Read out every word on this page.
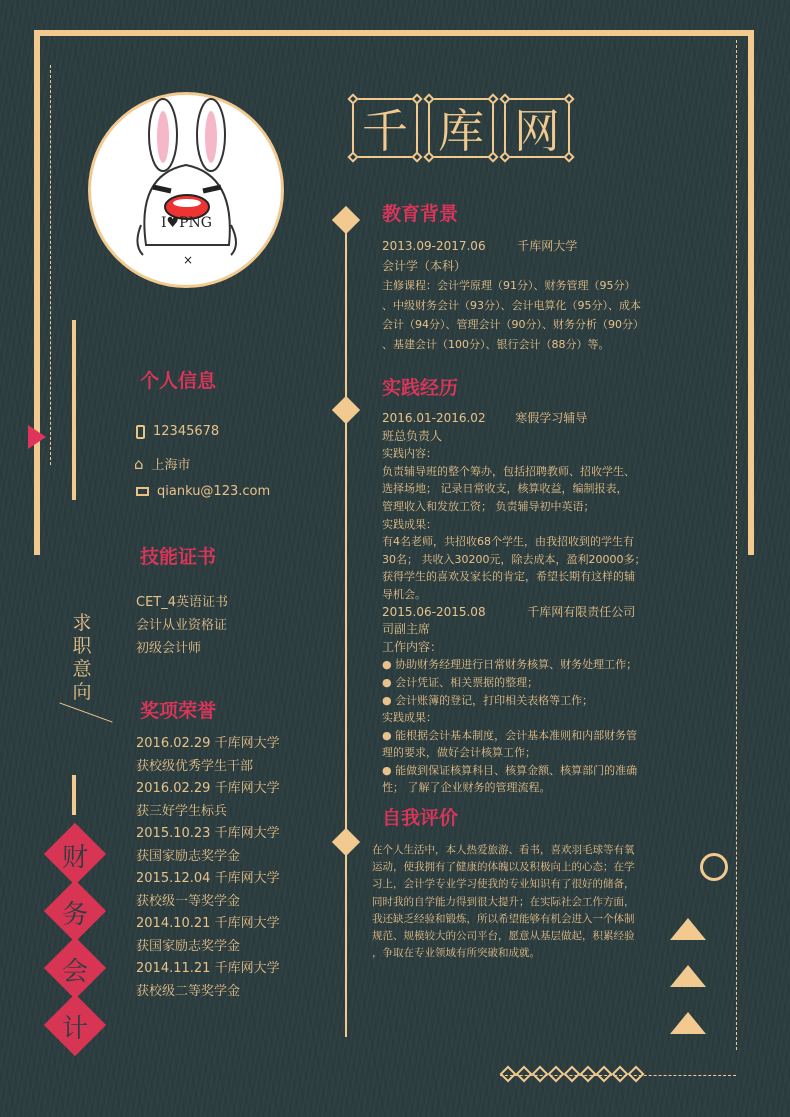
I♥PNG
×
千 库 网
个人信息
12345678
⌂ 上海市
qianku@123.com
技能证书
CET_4英语证书
会计从业资格证
初级会计师
奖项荣誉
2016.02.29 千库网大学
获校级优秀学生干部
2016.02.29 千库网大学
获三好学生标兵
2015.10.23 千库网大学
获国家励志奖学金
2015.12.04 千库网大学
获校级一等奖学金
2014.10.21 千库网大学
获国家励志奖学金
2014.11.21 千库网大学
获校级二等奖学金
求
职
意
向
财
务
会
计
教育背景
2013.09-2017.06	千库网大学
会计学（本科）
主修课程：会计学原理（91分）、财务管理（95分）
、中级财务会计（93分）、会计电算化（95分）、成本
会计（94分）、管理会计（90分）、财务分析（90分）
、基建会计（100分）、银行会计（88分）等。
实践经历
2016.01-2016.02 寒假学习辅导
班总负责人
实践内容：
负责辅导班的整个筹办，包括招聘教师、招收学生、
选择场地； 记录日常收支，核算收益，编制报表，
管理收入和发放工资； 负责辅导初中英语；
实践成果：
有4名老师，共招收68个学生，由我招收到的学生有
30名； 共收入30200元，除去成本，盈利20000多；
获得学生的喜欢及家长的肯定，希望长期有这样的辅
导机会。
2015.06-2015.08	千库网有限责任公司
司副主席
工作内容：
● 协助财务经理进行日常财务核算、财务处理工作；
● 会计凭证、相关票据的整理；
● 会计账簿的登记，打印相关表格等工作；
实践成果：
● 能根据会计基本制度，会计基本准则和内部财务管
理的要求，做好会计核算工作；
● 能做到保证核算科目、核算金额、核算部门的准确
性； 了解了企业财务的管理流程。
自我评价
在个人生活中，本人热爱旅游、看书，喜欢羽毛球等有氧
运动，使我拥有了健康的体魄以及积极向上的心态；在学
习上，会计学专业学习使我的专业知识有了很好的储备，
同时我的自学能力得到很大提升；在实际社会工作方面，
我还缺乏经验和锻炼，所以希望能够有机会进入一个体制
规范、规模较大的公司平台，愿意从基层做起，积累经验
，争取在专业领域有所突破和成就。
